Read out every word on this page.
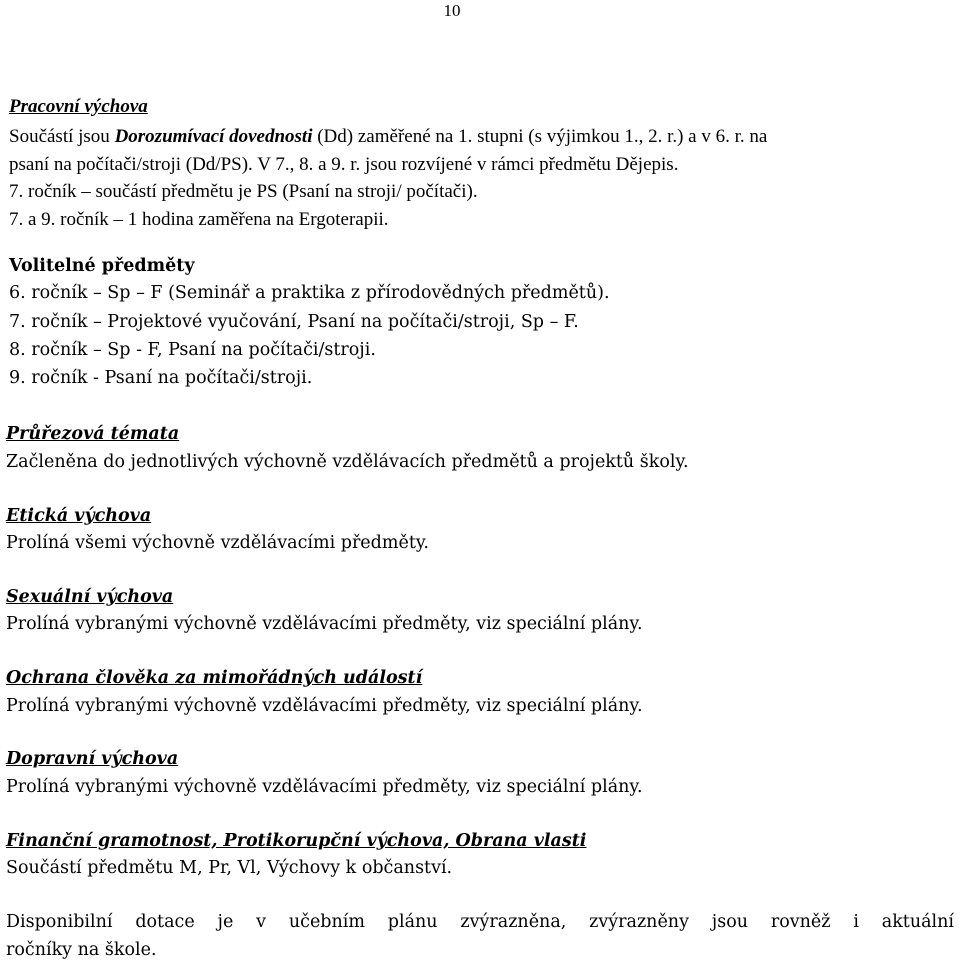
10

Pracovní výchova

Součástí jsou Dorozumívací dovednosti (Dd) zaměřené na 1. stupni (s výjimkou 1., 2. r.) a v 6. r. na

psaní na počítači/stroji (Dd/PS). V 7., 8. a 9. r. jsou rozvíjené v rámci předmětu Dějepis.

7. ročník – součástí předmětu je PS (Psaní na stroji/ počítači).

7. a 9. ročník – 1 hodina zaměřena na Ergoterapii.

Volitelné předměty

6. ročník – Sp – F (Seminář a praktika z přírodovědných předmětů).

7. ročník – Projektové vyučování, Psaní na počítači/stroji, Sp – F.

8. ročník – Sp - F, Psaní na počítači/stroji.

9. ročník - Psaní na počítači/stroji.

Průřezová témata

Začleněna do jednotlivých výchovně vzdělávacích předmětů a projektů školy.

Etická výchova

Prolíná všemi výchovně vzdělávacími předměty.

Sexuální výchova

Prolíná vybranými výchovně vzdělávacími předměty, viz speciální plány.

Ochrana člověka za mimořádných událostí

Prolíná vybranými výchovně vzdělávacími předměty, viz speciální plány.

Dopravní výchova

Prolíná vybranými výchovně vzdělávacími předměty, viz speciální plány.

Finanční gramotnost, Protikorupční výchova, Obrana vlasti

Součástí předmětu M, Pr, Vl, Výchovy k občanství.

Disponibilní dotace je v učebním plánu zvýrazněna, zvýrazněny jsou rovněž i aktuální

ročníky na škole.
